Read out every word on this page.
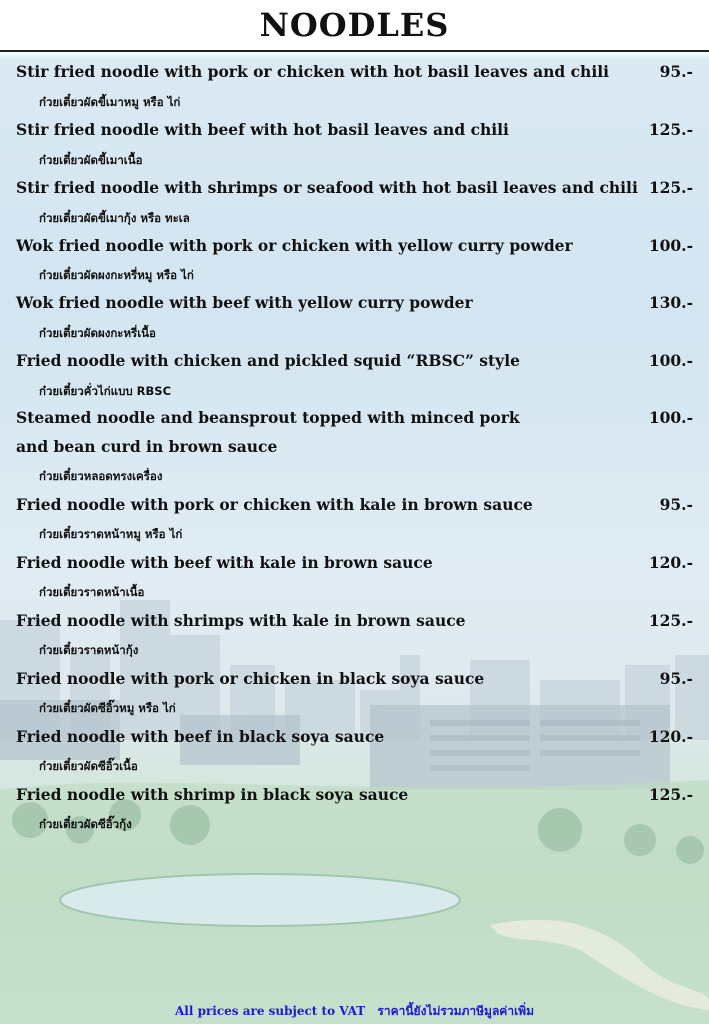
NOODLES
Stir fried noodle with pork or chicken with hot basil leaves and chili	95.-
ก๋วยเตี๋ยวผัดขี้เมาหมู หรือ ไก่
Stir fried noodle with beef with hot basil leaves and chili	125.-
ก๋วยเตี๋ยวผัดขี้เมาเนื้อ
Stir fried noodle with shrimps or seafood with hot basil leaves and chili 125.-
ก๋วยเตี๋ยวผัดขี้เมากุ้ง หรือ ทะเล
Wok fried noodle with pork or chicken with yellow curry powder	100.-
ก๋วยเตี๋ยวผัดผงกะหรี่หมู หรือ ไก่
Wok fried noodle with beef with yellow curry powder	130.-
ก๋วยเตี๋ยวผัดผงกะหรี่เนื้อ
Fried noodle with chicken and pickled squid “RBSC” style	100.-
ก๋วยเตี๋ยวคั่วไก่แบบ RBSC
Steamed noodle and beansprout topped with minced pork	100.-
and bean curd in brown sauce
ก๋วยเตี๋ยวหลอดทรงเครื่อง
Fried noodle with pork or chicken with kale in brown sauce	95.-
ก๋วยเตี๋ยวราดหน้าหมู หรือ ไก่
Fried noodle with beef with kale in brown sauce	120.-
ก๋วยเตี๋ยวราดหน้าเนื้อ
Fried noodle with shrimps with kale in brown sauce	125.-
ก๋วยเตี๋ยวราดหน้ากุ้ง
Fried noodle with pork or chicken in black soya sauce	95.-
ก๋วยเตี๋ยวผัดซีอิ๊วหมู หรือ ไก่
Fried noodle with beef in black soya sauce	120.-
ก๋วยเตี๋ยวผัดซีอิ๊วเนื้อ
Fried noodle with shrimp in black soya sauce	125.-
ก๋วยเตี๋ยวผัดซีอิ๊วกุ้ง
All prices are subject to VAT ราคานี้ยังไม่รวมภาษีมูลค่าเพิ่ม
